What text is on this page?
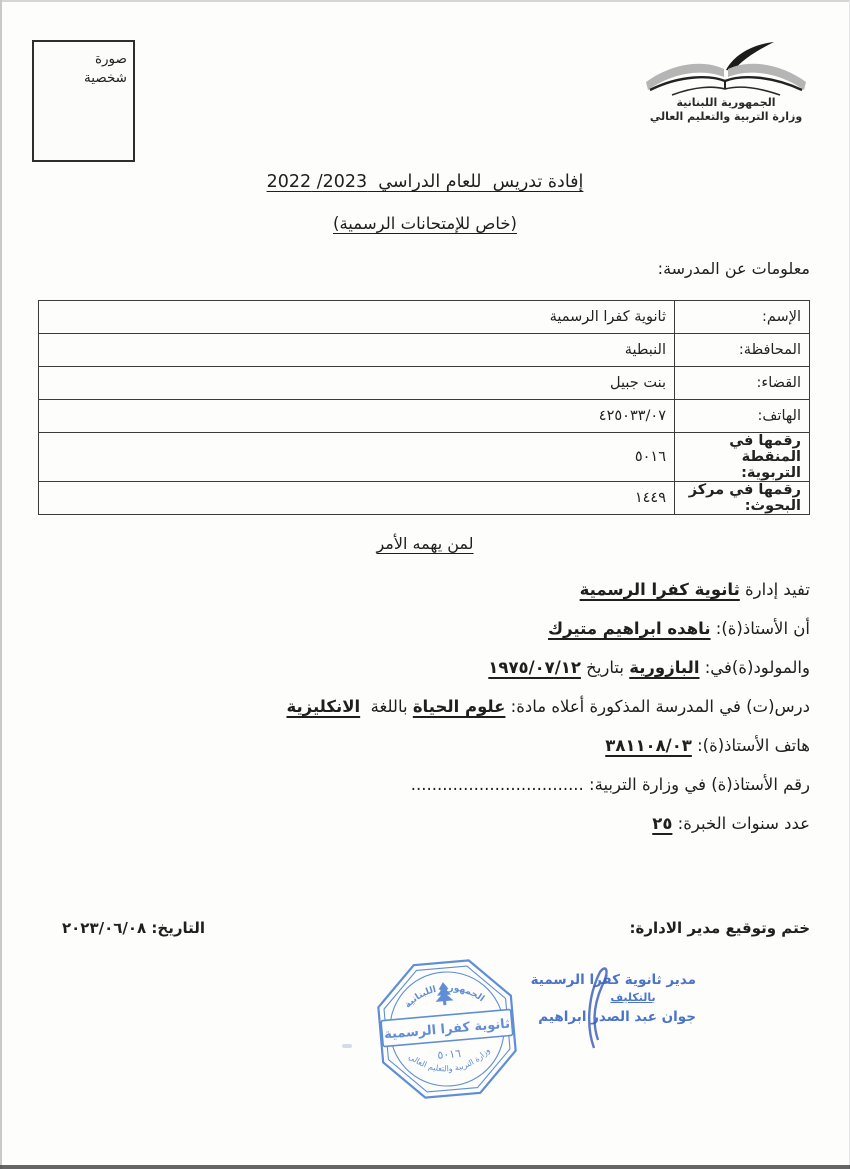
صورة
شخصية
الجمهورية اللبنانية
وزارة التربية والتعليم العالي
إفادة تدريس  للعام الدراسي  2023/ 2022
(خاص للإمتحانات الرسمية)
معلومات عن المدرسة:
الإسم:	ثانوية كفرا الرسمية
المحافظة:	النبطية
القضاء:	بنت جبيل
الهاتف:	٤٢٥٠٣٣/٠٧
رقمها في المنقطة التربوية:	٥٠١٦
رقمها في مركز البحوث:	١٤٤٩
لمن يهمه الأمر
تفيد إدارة ثانوية كفرا الرسمية
أن الأستاذ(ة): ناهده ابراهيم متيرك
والمولود(ة)في: البازورية بتاريخ ١٩٧٥/٠٧/١٢
درس(ت) في المدرسة المذكورة أعلاه مادة: علوم الحياة باللغة  الانكليزية
هاتف الأستاذ(ة): ٣٨١١٠٨/٠٣
رقم الأستاذ(ة) في وزارة التربية: .................................
عدد سنوات الخبرة: ٢٥
ختم وتوقيع مدير الادارة:
التاريخ: ٢٠٢٣/٠٦/٠٨
الجمهورية اللبنانية
وزارة التربية والتعليم العالي
ثانوية كفرا الرسمية
٥٠١٦
مدير ثانوية كفرا الرسمية
بالتكليف
جوان عبد الصدر ابراهيم
